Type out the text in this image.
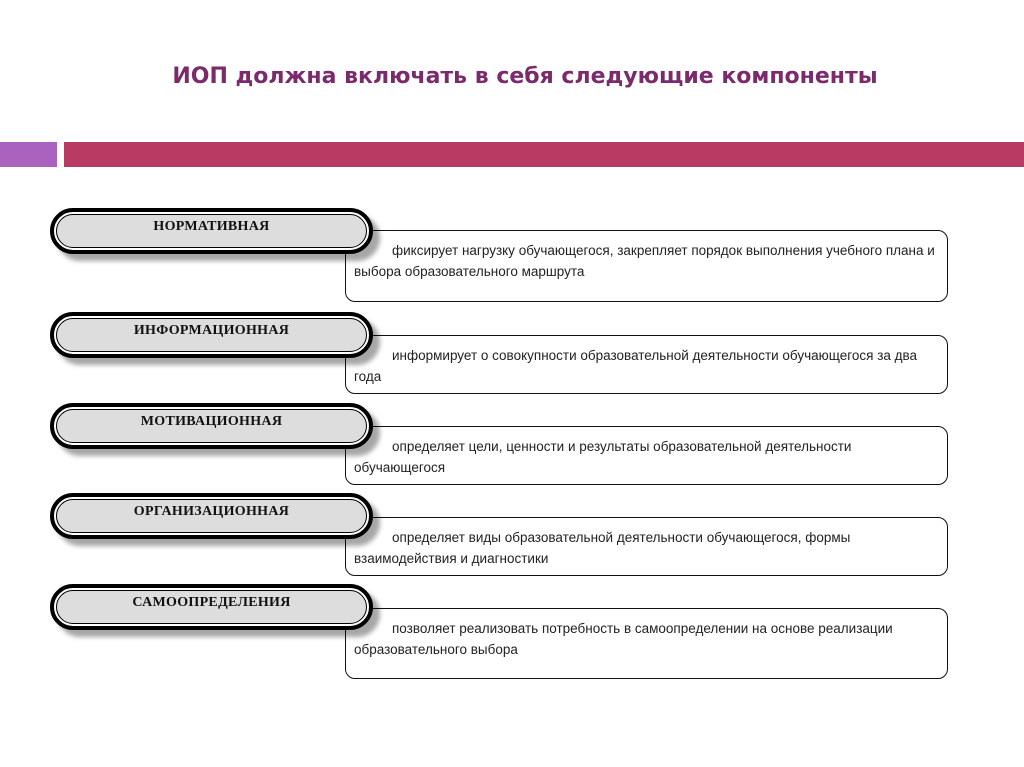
ИОП должна включать в себя следующие компоненты
фиксирует нагрузку обучающегося, закрепляет порядок выполнения учебного плана и выбора образовательного маршрута
НОРМАТИВНАЯ
информирует о совокупности образовательной деятельности обучающегося за два года
ИНФОРМАЦИОННАЯ
определяет цели, ценности и результаты образовательной деятельности обучающегося
МОТИВАЦИОННАЯ
определяет виды образовательной деятельности обучающегося, формы взаимодействия и диагностики
ОРГАНИЗАЦИОННАЯ
позволяет реализовать потребность в самоопределении на основе реализации образовательного выбора
САМООПРЕДЕЛЕНИЯ
